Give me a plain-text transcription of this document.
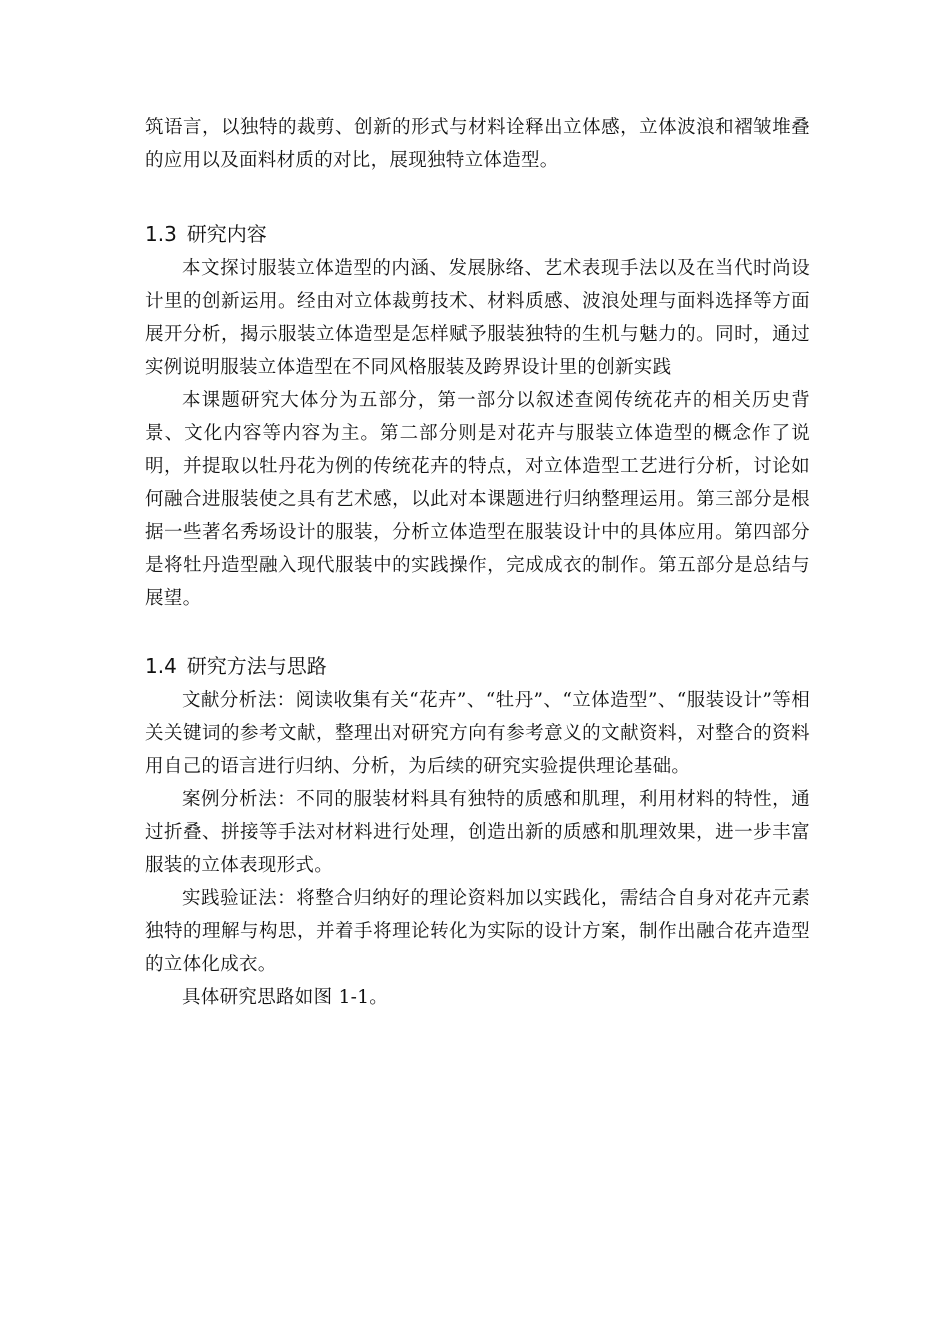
筑语言，以独特的裁剪、创新的形式与材料诠释出立体感，立体波浪和褶皱堆叠的应用以及面料材质的对比，展现独特立体造型。

1.3 研究内容

本文探讨服装立体造型的内涵、发展脉络、艺术表现手法以及在当代时尚设计里的创新运用。经由对立体裁剪技术、材料质感、波浪处理与面料选择等方面展开分析，揭示服装立体造型是怎样赋予服装独特的生机与魅力的。同时，通过实例说明服装立体造型在不同风格服装及跨界设计里的创新实践

本课题研究大体分为五部分，第一部分以叙述查阅传统花卉的相关历史背景、文化内容等内容为主。第二部分则是对花卉与服装立体造型的概念作了说明，并提取以牡丹花为例的传统花卉的特点，对立体造型工艺进行分析，讨论如何融合进服装使之具有艺术感，以此对本课题进行归纳整理运用。第三部分是根据一些著名秀场设计的服装，分析立体造型在服装设计中的具体应用。第四部分是将牡丹造型融入现代服装中的实践操作，完成成衣的制作。第五部分是总结与展望。

1.4 研究方法与思路

文献分析法：阅读收集有关“花卉”、“牡丹”、“立体造型”、“服装设计”等相关关键词的参考文献，整理出对研究方向有参考意义的文献资料，对整合的资料用自己的语言进行归纳、分析，为后续的研究实验提供理论基础。

案例分析法：不同的服装材料具有独特的质感和肌理，利用材料的特性，通过折叠、拼接等手法对材料进行处理，创造出新的质感和肌理效果，进一步丰富服装的立体表现形式。

实践验证法：将整合归纳好的理论资料加以实践化，需结合自身对花卉元素独特的理解与构思，并着手将理论转化为实际的设计方案，制作出融合花卉造型的立体化成衣。

具体研究思路如图 1-1。
